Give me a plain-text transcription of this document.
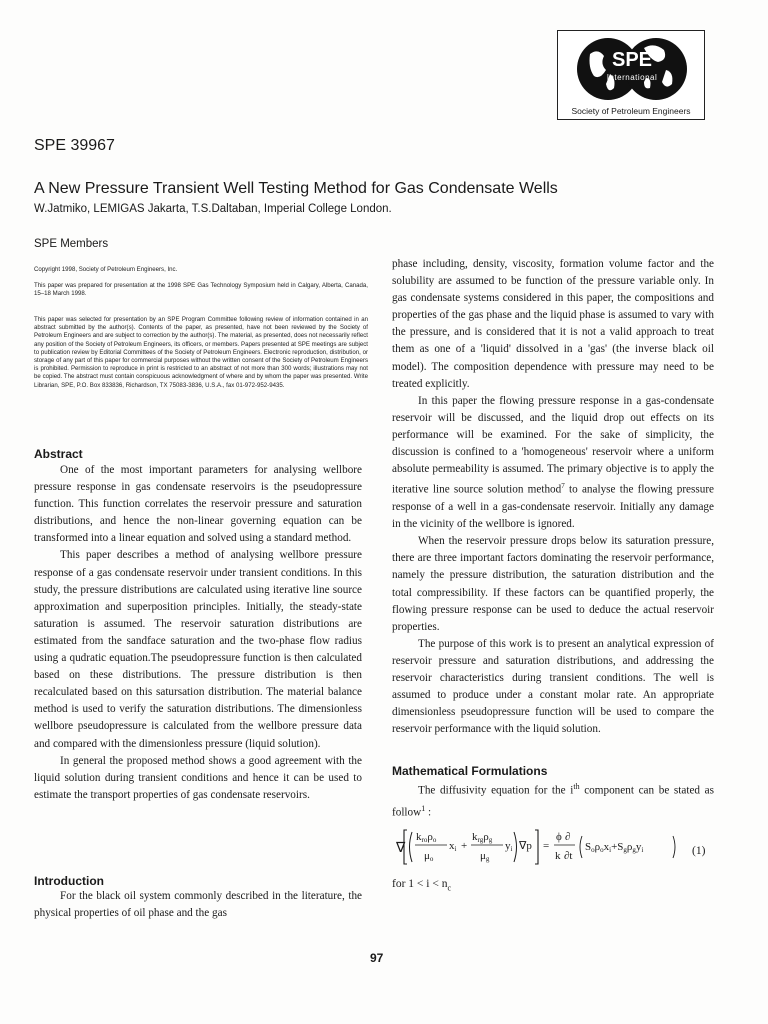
SPE
International
Society of Petroleum Engineers
SPE 39967
A New Pressure Transient Well Testing Method for Gas Condensate Wells
W.Jatmiko, LEMIGAS Jakarta, T.S.Daltaban, Imperial College London.
SPE Members
Copyright 1998, Society of Petroleum Engineers, Inc.
This paper was prepared for presentation at the 1998 SPE Gas Technology Symposium held in Calgary, Alberta, Canada, 15–18 March 1998.
This paper was selected for presentation by an SPE Program Committee following review of information contained in an abstract submitted by the author(s). Contents of the paper, as presented, have not been reviewed by the Society of Petroleum Engineers and are subject to correction by the author(s). The material, as presented, does not necessarily reflect any position of the Society of Petroleum Engineers, its officers, or members. Papers presented at SPE meetings are subject to publication review by Editorial Committees of the Society of Petroleum Engineers. Electronic reproduction, distribution, or storage of any part of this paper for commercial purposes without the written consent of the Society of Petroleum Engineers is prohibited. Permission to reproduce in print is restricted to an abstract of not more than 300 words; illustrations may not be copied. The abstract must contain conspicuous acknowledgment of where and by whom the paper was presented. Write Librarian, SPE, P.O. Box 833836, Richardson, TX 75083-3836, U.S.A., fax 01-972-952-9435.
Abstract

One of the most important parameters for analysing wellbore pressure response in gas condensate reservoirs is the pseudopressure function. This function correlates the reservoir pressure and saturation distributions, and hence the non-linear governing equation can be transformed into a linear equation and solved using a standard method.

This paper describes a method of analysing wellbore pressure response of a gas condensate reservoir under transient conditions. In this study, the pressure distributions are calculated using iterative line source approximation and superposition principles. Initially, the steady-state saturation is assumed. The reservoir saturation distributions are estimated from the sandface saturation and the two-phase flow radius using a qudratic equation.The pseudopressure function is then calculated based on these distributions. The pressure distribution is then recalculated based on this satursation distribution. The material balance method is used to verify the saturation distributions. The dimensionless wellbore pseudopressure is calculated from the wellbore pressure data and compared with the dimensionless pressure (liquid solution).

In general the proposed method shows a good agreement with the liquid solution during transient conditions and hence it can be used to estimate the transport properties of gas condensate reservoirs.

Introduction

For the black oil system commonly described in the literature, the physical properties of oil phase and the gas

phase including, density, viscosity, formation volume factor and the solubility are assumed to be function of the pressure variable only. In gas condensate systems considered in this paper, the compositions and properties of the gas phase and the liquid phase is assumed to vary with the pressure, and is considered that it is not a valid approach to treat them as one of a 'liquid' dissolved in a 'gas' (the inverse black oil model). The composition dependence with pressure may need to be treated explicitly.

In this paper the flowing pressure response in a gas-condensate reservoir will be discussed, and the liquid drop out effects on its performance will be examined. For the sake of simplicity, the discussion is confined to a 'homogeneous' reservoir where a uniform absolute permeability is assumed. The primary objective is to apply the iterative line source solution method$^7$ to analyse the flowing pressure response of a well in a gas-condensate reservoir. Initially any damage in the vicinity of the wellbore is ignored.

When the reservoir pressure drops below its saturation pressure, there are three important factors dominating the reservoir performance, namely the pressure distribution, the saturation distribution and the total compressibility. If these factors can be quantified properly, the flowing pressure response can be used to deduce the actual reservoir properties.

The purpose of this work is to present an analytical expression of reservoir pressure and saturation distributions, and addressing the reservoir characteristics during transient conditions. The well is assumed to produce under a constant molar rate. An appropriate dimensionless pseudopressure function will be used to compare the reservoir performance with the liquid solution.

Mathematical Formulations

The diffusivity equation for the $i^{th}$ component can be stated as follow$^1$ :

∇
kroρo
μo
xi +
krgρg
μg
yi ∇p =
ϕ ∂
k ∂t
Soρoxi+Sgρgyi	(1)
for $1 < i < n_c$
97
